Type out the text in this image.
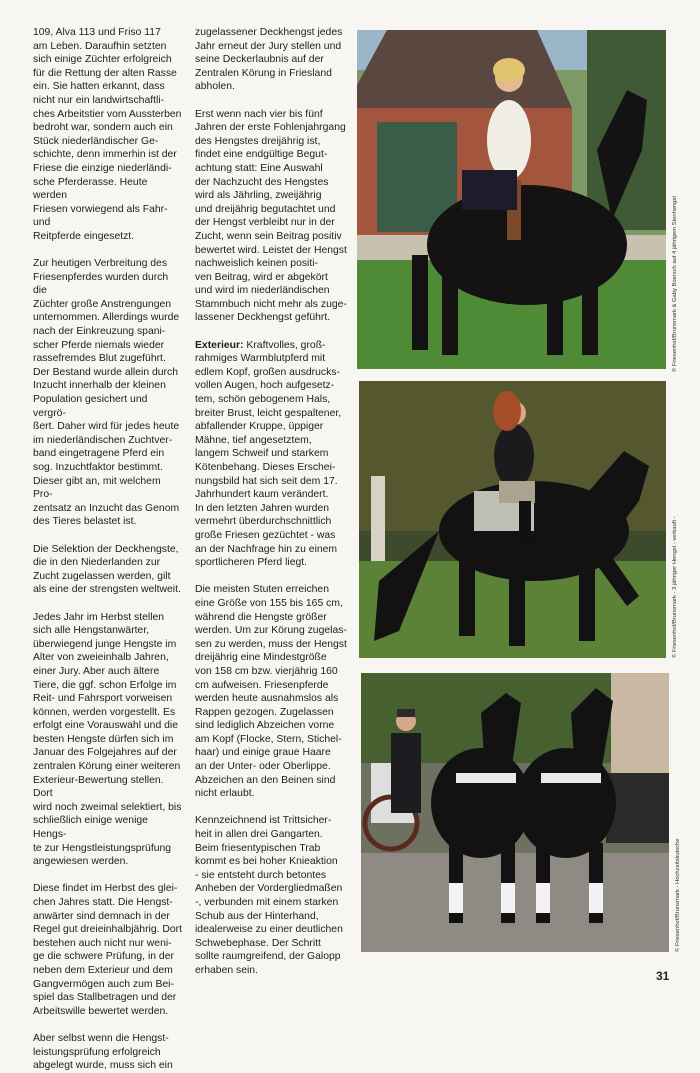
109, Alva 113 und Friso 117
am Leben. Daraufhin setzten
sich einige Züchter erfolgreich
für die Rettung der alten Rasse
ein. Sie hatten erkannt, dass
nicht nur ein landwirtschaftli-
ches Arbeitstier vom Aussterben
bedroht war, sondern auch ein
Stück niederländischer Ge-
schichte, denn immerhin ist der
Friese die einzige niederländi-
sche Pferderasse. Heute werden
Friesen vorwiegend als Fahr- und
Reitpferde eingesetzt.

Zur heutigen Verbreitung des
Friesenpferdes wurden durch die
Züchter große Anstrengungen
unternommen. Allerdings wurde
nach der Einkreuzung spani-
scher Pferde niemals wieder
rassefremdes Blut zugeführt.
Der Bestand wurde allein durch
Inzucht innerhalb der kleinen
Population gesichert und vergrö-
ßert. Daher wird für jedes heute
im niederländischen Zuchtver-
band eingetragene Pferd ein
sog. Inzuchtfaktor bestimmt.
Dieser gibt an, mit welchem Pro-
zentsatz an Inzucht das Genom
des Tieres belastet ist.

Die Selektion der Deckhengste,
die in den Niederlanden zur
Zucht zugelassen werden, gilt
als eine der strengsten weltweit.

Jedes Jahr im Herbst stellen
sich alle Hengstanwärter,
überwiegend junge Hengste im
Alter von zweieinhalb Jahren,
einer Jury. Aber auch ältere
Tiere, die ggf. schon Erfolge im
Reit- und Fahrsport vorweisen
können, werden vorgestellt. Es
erfolgt eine Vorauswahl und die
besten Hengste dürfen sich im
Januar des Folgejahres auf der
zentralen Körung einer weiteren
Exterieur-Bewertung stellen. Dort
wird noch zweimal selektiert, bis
schließlich einige wenige Hengs-
te zur Hengstleistungsprüfung
angewiesen werden.

Diese findet im Herbst des glei-
chen Jahres statt. Die Hengst-
anwärter sind demnach in der
Regel gut dreieinhalbjährig. Dort
bestehen auch nicht nur weni-
ge die schwere Prüfung, in der
neben dem Exterieur und dem
Gangvermögen auch zum Bei-
spiel das Stallbetragen und der
Arbeitswille bewertet werden.

Aber selbst wenn die Hengst-
leistungsprüfung erfolgreich
abgelegt wurde, muss sich ein

zugelassener Deckhengst jedes
Jahr erneut der Jury stellen und
seine Deckerlaubnis auf der
Zentralen Körung in Friesland
abholen.

Erst wenn nach vier bis fünf
Jahren der erste Fohlenjahrgang
des Hengstes dreijährig ist,
findet eine endgültige Begut-
achtung statt: Eine Auswahl
der Nachzucht des Hengstes
wird als Jährling, zweijährig
und dreijährig begutachtet und
der Hengst verbleibt nur in der
Zucht, wenn sein Beitrag positiv
bewertet wird. Leistet der Hengst
nachweislich keinen positi-
ven Beitrag, wird er abgekört
und wird im niederländischen
Stammbuch nicht mehr als zuge-
lassener Deckhengst geführt.

Exterieur: Kraftvolles, groß-
rahmiges Warmblutpferd mit
edlem Kopf, großen ausdrucks-
vollen Augen, hoch aufgesetz-
tem, schön gebogenem Hals,
breiter Brust, leicht gespaltener,
abfallender Kruppe, üppiger
Mähne, tief angesetztem,
langem Schweif und starkem
Kötenbehang. Dieses Erschei-
nungsbild hat sich seit dem 17.
Jahrhundert kaum verändert.
In den letzten Jahren wurden
vermehrt überdurchschnittlich
große Friesen gezüchtet - was
an der Nachfrage hin zu einem
sportlicheren Pferd liegt.

Die meisten Stuten erreichen
eine Größe von 155 bis 165 cm,
während die Hengste größer
werden. Um zur Körung zugelas-
sen zu werden, muss der Hengst
dreijährig eine Mindestgröße
von 158 cm bzw. vierjährig 160
cm aufweisen. Friesenpferde
werden heute ausnahmslos als
Rappen gezogen. Zugelassen
sind lediglich Abzeichen vorne
am Kopf (Flocke, Stern, Stichel-
haar) und einige graue Haare
an der Unter- oder Oberlippe.
Abzeichen an den Beinen sind
nicht erlaubt.

Kennzeichnend ist Trittsicher-
heit in allen drei Gangarten.
Beim friesentypischen Trab
kommt es bei hoher Knieaktion
- sie entsteht durch betontes
Anheben der Vordergliedmaßen
-, verbunden mit einem starken
Schub aus der Hinterhand,
idealerweise zu einer deutlichen
Schwebephase. Der Schritt
sollte raumgreifend, der Galopp
erhaben sein.

© Friesenhof/Brunsmark & Gaby Boersch auf 4 jährigem Stenhengst
© Friesenhof/Brunsmark - 3 jähriger Hengst - verkauft -
© Friesenhof/Brunsmark - Hochzeitskutsche
31
